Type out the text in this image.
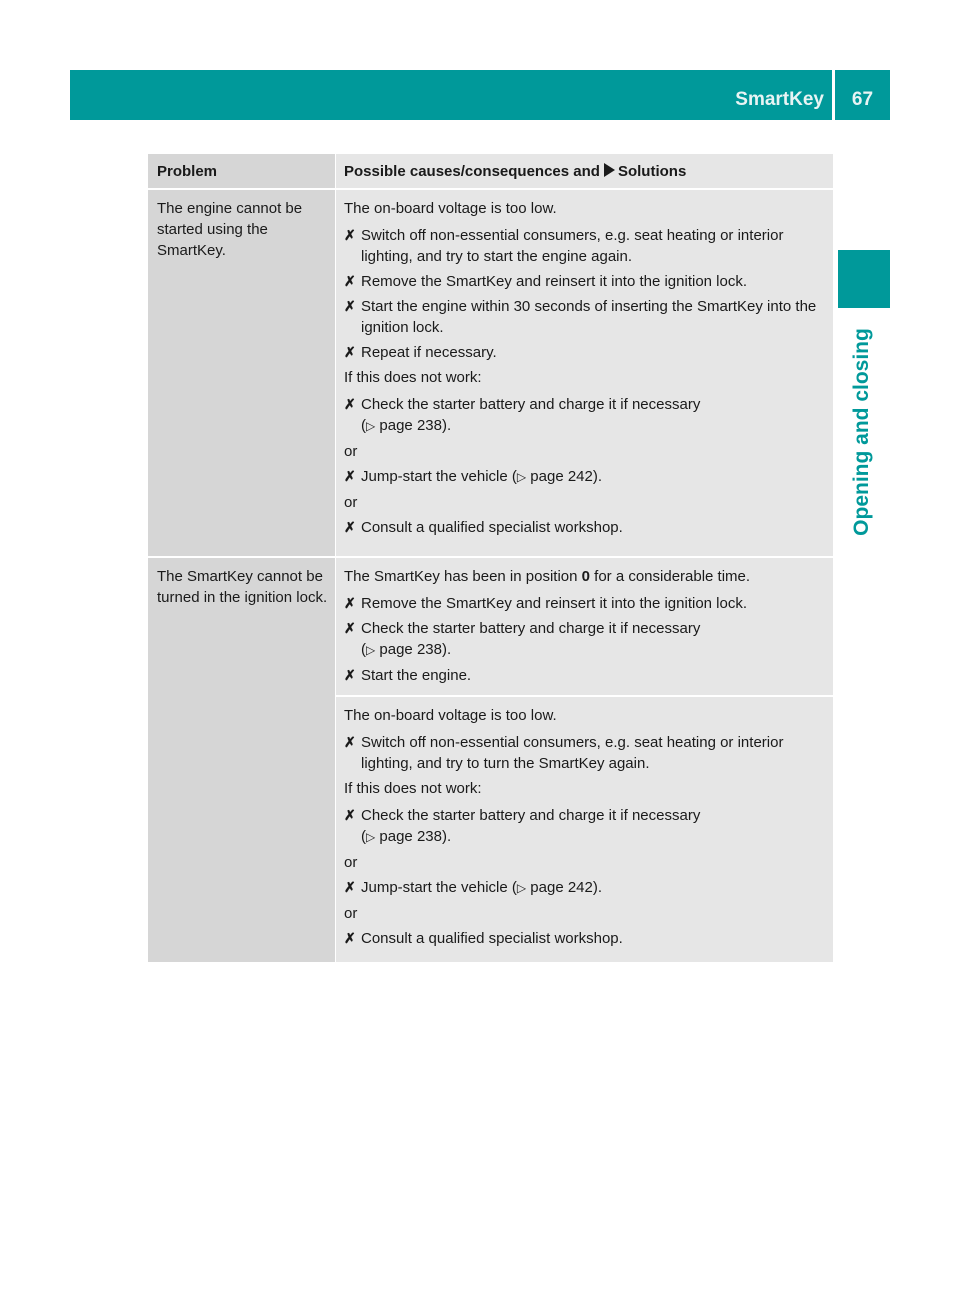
SmartKey	67
Opening and closing
Problem	Possible causes/consequences and Solutions
The engine cannot be started using the SmartKey.
The on-board voltage is too low.
✗ Switch off non-essential consumers, e.g. seat heating or interior lighting, and try to start the engine again.
✗ Remove the SmartKey and reinsert it into the ignition lock.
✗ Start the engine within 30 seconds of inserting the SmartKey into the ignition lock.
✗ Repeat if necessary.
If this does not work:
✗ Check the starter battery and charge it if necessary
(▷ page 238).
or
✗ Jump-start the vehicle (▷ page 242).
or
✗ Consult a qualified specialist workshop.
The SmartKey cannot be turned in the ignition lock.
The SmartKey has been in position 0 for a considerable time.
✗ Remove the SmartKey and reinsert it into the ignition lock.
✗ Check the starter battery and charge it if necessary
(▷ page 238).
✗ Start the engine.
The on-board voltage is too low.
✗ Switch off non-essential consumers, e.g. seat heating or interior lighting, and try to turn the SmartKey again.
If this does not work:
✗ Check the starter battery and charge it if necessary
(▷ page 238).
or
✗ Jump-start the vehicle (▷ page 242).
or
✗ Consult a qualified specialist workshop.
